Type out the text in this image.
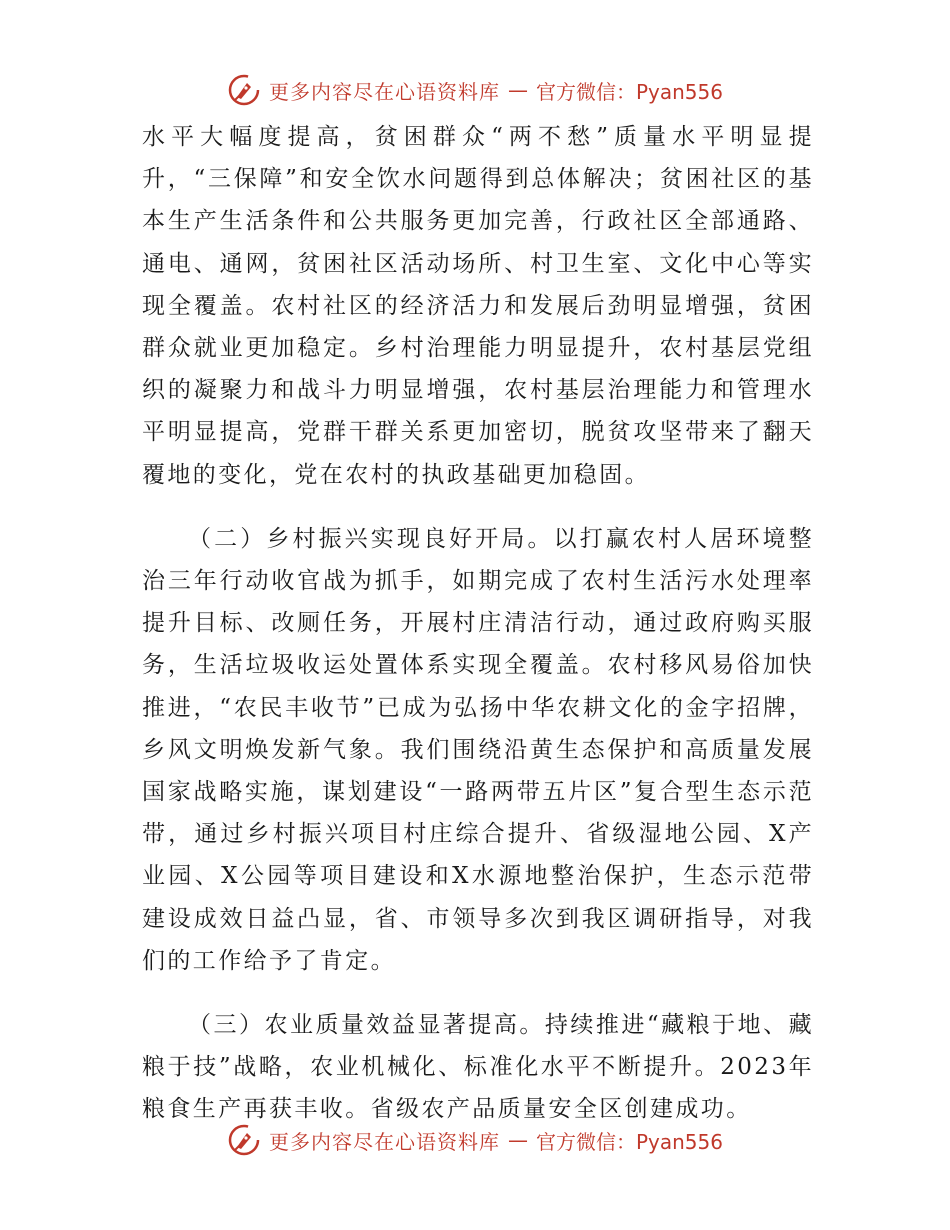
更多内容尽在心语资料库 — 官方微信：Pyan556

水平大幅度提高，贫困群众“两不愁”质量水平明显提升，“三保障”和安全饮水问题得到总体解决；贫困社区的基本生产生活条件和公共服务更加完善，行政社区全部通路、通电、通网，贫困社区活动场所、村卫生室、文化中心等实现全覆盖。农村社区的经济活力和发展后劲明显增强，贫困群众就业更加稳定。乡村治理能力明显提升，农村基层党组织的凝聚力和战斗力明显增强，农村基层治理能力和管理水平明显提高，党群干群关系更加密切，脱贫攻坚带来了翻天覆地的变化，党在农村的执政基础更加稳固。

（二）乡村振兴实现良好开局。以打赢农村人居环境整治三年行动收官战为抓手，如期完成了农村生活污水处理率提升目标、改厕任务，开展村庄清洁行动，通过政府购买服务，生活垃圾收运处置体系实现全覆盖。农村移风易俗加快推进，“农民丰收节”已成为弘扬中华农耕文化的金字招牌，乡风文明焕发新气象。我们围绕沿黄生态保护和高质量发展国家战略实施，谋划建设“一路两带五片区”复合型生态示范带，通过乡村振兴项目村庄综合提升、省级湿地公园、X产业园、X公园等项目建设和X水源地整治保护，生态示范带建设成效日益凸显，省、市领导多次到我区调研指导，对我们的工作给予了肯定。

（三）农业质量效益显著提高。持续推进“藏粮于地、藏粮于技”战略，农业机械化、标准化水平不断提升。2023年粮食生产再获丰收。省级农产品质量安全区创建成功。

更多内容尽在心语资料库 — 官方微信：Pyan556
